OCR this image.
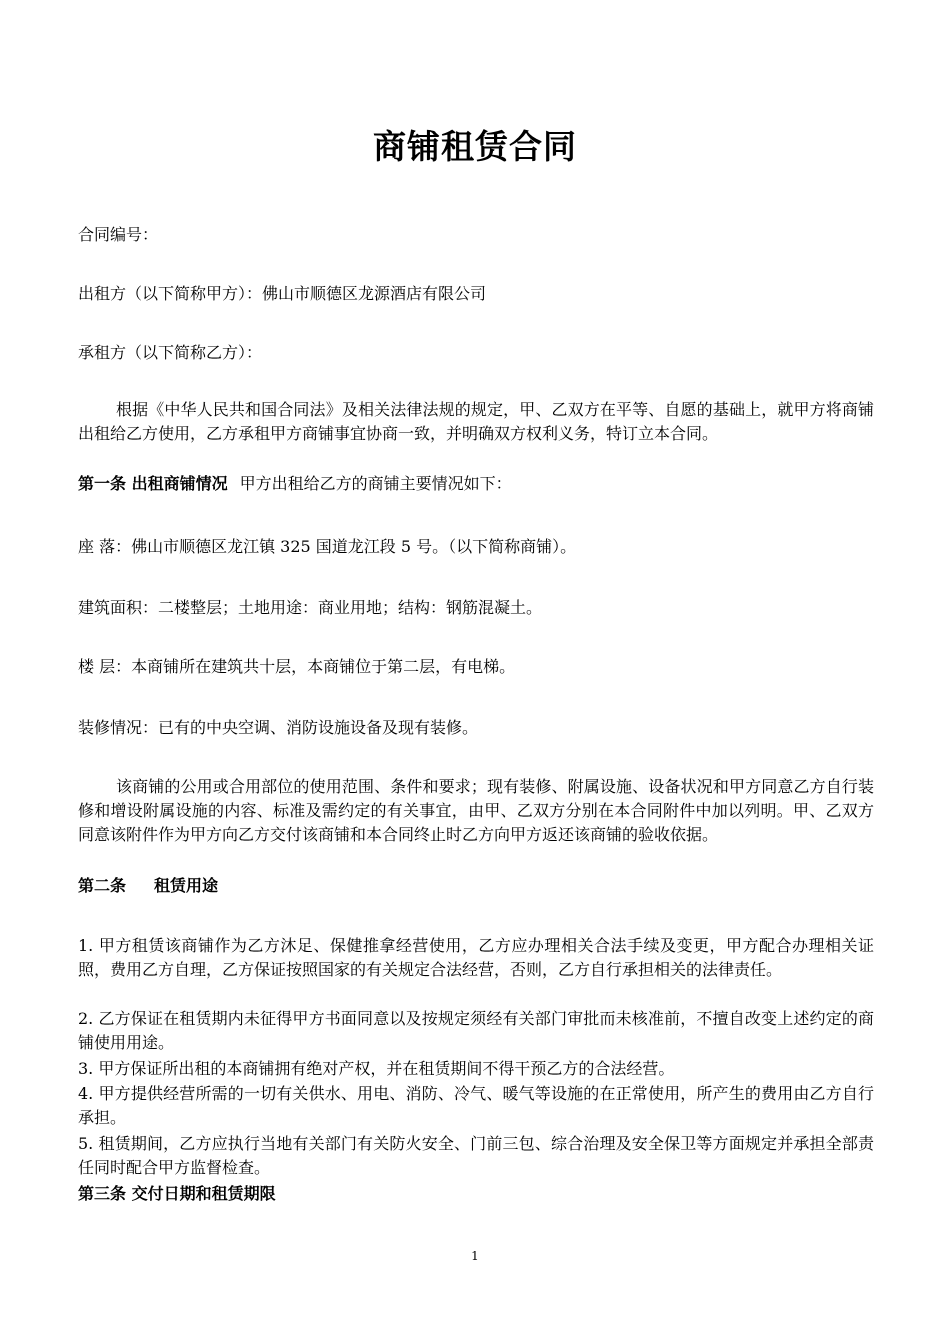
商铺租赁合同
合同编号：
出租方（以下简称甲方）：佛山市顺德区龙源酒店有限公司
承租方（以下简称乙方）：
根据《中华人民共和国合同法》及相关法律法规的规定，甲、乙双方在平等、自愿的基础上，就甲方将商铺出租给乙方使用，乙方承租甲方商铺事宜协商一致，并明确双方权利义务，特订立本合同。
第一条 出租商铺情况 甲方出租给乙方的商铺主要情况如下：
座 落：佛山市顺德区龙江镇 325 国道龙江段 5 号。（以下简称商铺）。
建筑面积：二楼整层；土地用途：商业用地；结构：钢筋混凝土。
楼 层：本商铺所在建筑共十层，本商铺位于第二层，有电梯。
装修情况：已有的中央空调、消防设施设备及现有装修。
该商铺的公用或合用部位的使用范围、条件和要求；现有装修、附属设施、设备状况和甲方同意乙方自行装修和增设附属设施的内容、标准及需约定的有关事宜，由甲、乙双方分别在本合同附件中加以列明。甲、乙双方同意该附件作为甲方向乙方交付该商铺和本合同终止时乙方向甲方返还该商铺的验收依据。
第二条 租赁用途
1. 甲方租赁该商铺作为乙方沐足、保健推拿经营使用，乙方应办理相关合法手续及变更，甲方配合办理相关证照，费用乙方自理，乙方保证按照国家的有关规定合法经营，否则，乙方自行承担相关的法律责任。
2. 乙方保证在租赁期内未征得甲方书面同意以及按规定须经有关部门审批而未核准前，不擅自改变上述约定的商铺使用用途。
3. 甲方保证所出租的本商铺拥有绝对产权，并在租赁期间不得干预乙方的合法经营。
4. 甲方提供经营所需的一切有关供水、用电、消防、冷气、暖气等设施的在正常使用，所产生的费用由乙方自行承担。
5. 租赁期间，乙方应执行当地有关部门有关防火安全、门前三包、综合治理及安全保卫等方面规定并承担全部责任同时配合甲方监督检查。
第三条 交付日期和租赁期限
1
